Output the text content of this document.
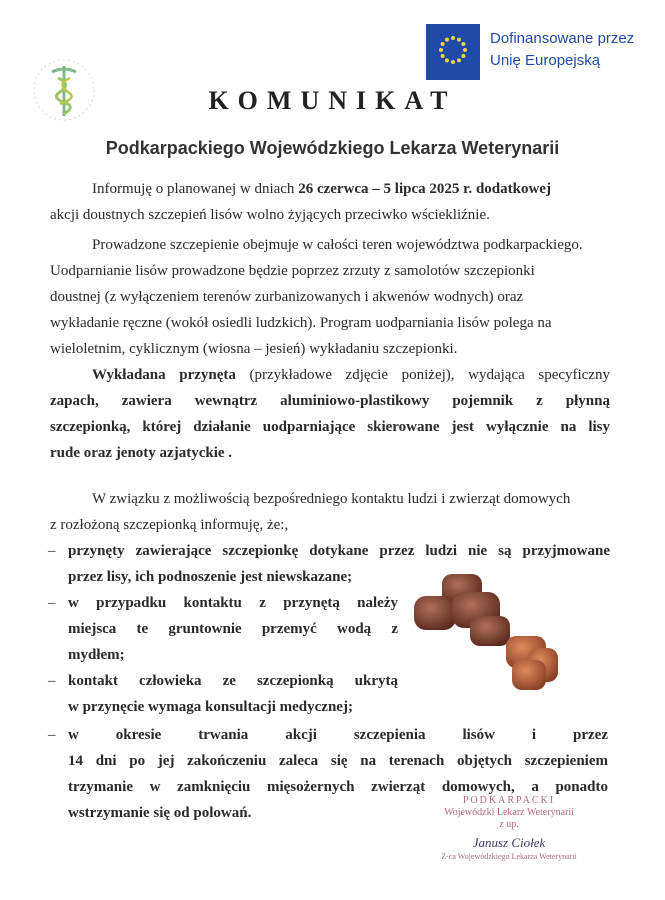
Dofinansowane przez
Unię Europejską
KOMUNIKAT
Podkarpackiego Wojewódzkiego Lekarza Weterynarii
Informuję o planowanej w dniach 26 czerwca – 5 lipca 2025 r. dodatkowej
akcji doustnych szczepień lisów wolno żyjących przeciwko wściekliźnie.
Prowadzone szczepienie obejmuje w całości teren województwa podkarpackiego.
Uodparnianie lisów prowadzone będzie poprzez zrzuty z samolotów szczepionki
doustnej (z wyłączeniem terenów zurbanizowanych i akwenów wodnych) oraz
wykładanie ręczne (wokół osiedli ludzkich). Program uodparniania lisów polega na
wieloletnim, cyklicznym (wiosna – jesień) wykładaniu szczepionki.
Wykładana przynęta (przykładowe zdjęcie poniżej), wydająca specyficzny
zapach, zawiera wewnątrz aluminiowo-plastikowy pojemnik z płynną
szczepionką, której działanie uodparniające skierowane jest wyłącznie na lisy
rude oraz jenoty azjatyckie .
W związku z możliwością bezpośredniego kontaktu ludzi i zwierząt domowych
z rozłożoną szczepionką informuję, że:,
– przynęty zawierające szczepionkę dotykane przez ludzi nie są przyjmowane
przez lisy, ich podnoszenie jest niewskazane;
– w przypadku kontaktu z przynętą należy
miejsca te gruntownie przemyć wodą z
mydłem;
– kontakt człowieka ze szczepionką ukrytą
w przynęcie wymaga konsultacji medycznej;
– w okresie trwania akcji szczepienia lisów i przez
14 dni po jej zakończeniu zaleca się na terenach objętych szczepieniem
trzymanie w zamknięciu mięsożernych zwierząt domowych, a ponadto
wstrzymanie się od polowań.
PODKARPACKI
Wojewódzki Lekarz Weterynarii
z up.
Janusz Ciołek
Z-ca Wojewódzkiego Lekarza Weterynarii
